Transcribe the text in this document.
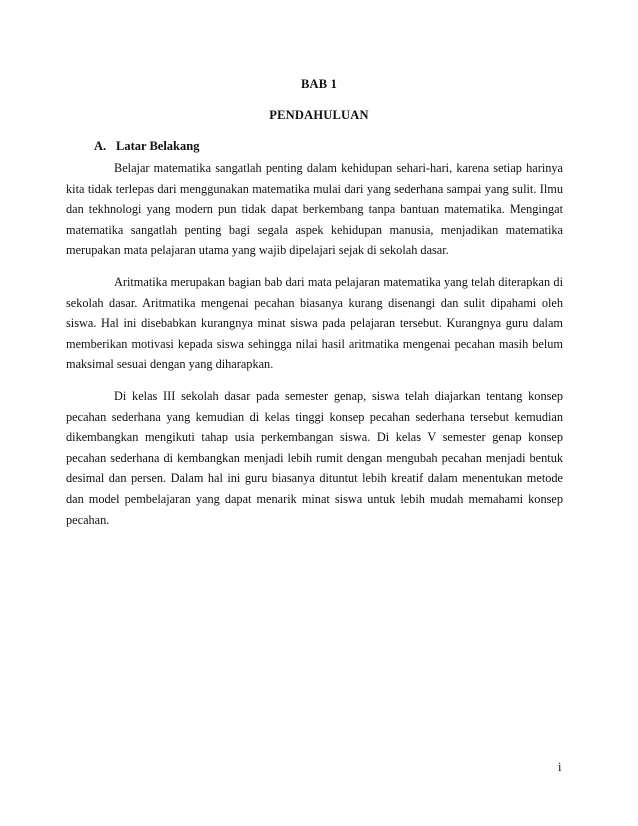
BAB 1
PENDAHULUAN
A. Latar Belakang

Belajar matematika sangatlah penting dalam kehidupan sehari-hari, karena setiap harinya kita tidak terlepas dari menggunakan matematika mulai dari yang sederhana sampai yang sulit. Ilmu dan tekhnologi yang modern pun tidak dapat berkembang tanpa bantuan matematika. Mengingat matematika sangatlah penting bagi segala aspek kehidupan manusia, menjadikan matematika merupakan mata pelajaran utama yang wajib dipelajari sejak di sekolah dasar.

Aritmatika merupakan bagian bab dari mata pelajaran matematika yang telah diterapkan di sekolah dasar. Aritmatika mengenai pecahan biasanya kurang disenangi dan sulit dipahami oleh siswa. Hal ini disebabkan kurangnya minat siswa pada pelajaran tersebut. Kurangnya guru dalam memberikan motivasi kepada siswa sehingga nilai hasil aritmatika mengenai pecahan masih belum maksimal sesuai dengan yang diharapkan.

Di kelas III sekolah dasar pada semester genap, siswa telah diajarkan tentang konsep pecahan sederhana yang kemudian di kelas tinggi konsep pecahan sederhana tersebut kemudian dikembangkan mengikuti tahap usia perkembangan siswa. Di kelas V semester genap konsep pecahan sederhana di kembangkan menjadi lebih rumit dengan mengubah pecahan menjadi bentuk desimal dan persen. Dalam hal ini guru biasanya dituntut lebih kreatif dalam menentukan metode dan model pembelajaran yang dapat menarik minat siswa untuk lebih mudah memahami konsep pecahan.

i
